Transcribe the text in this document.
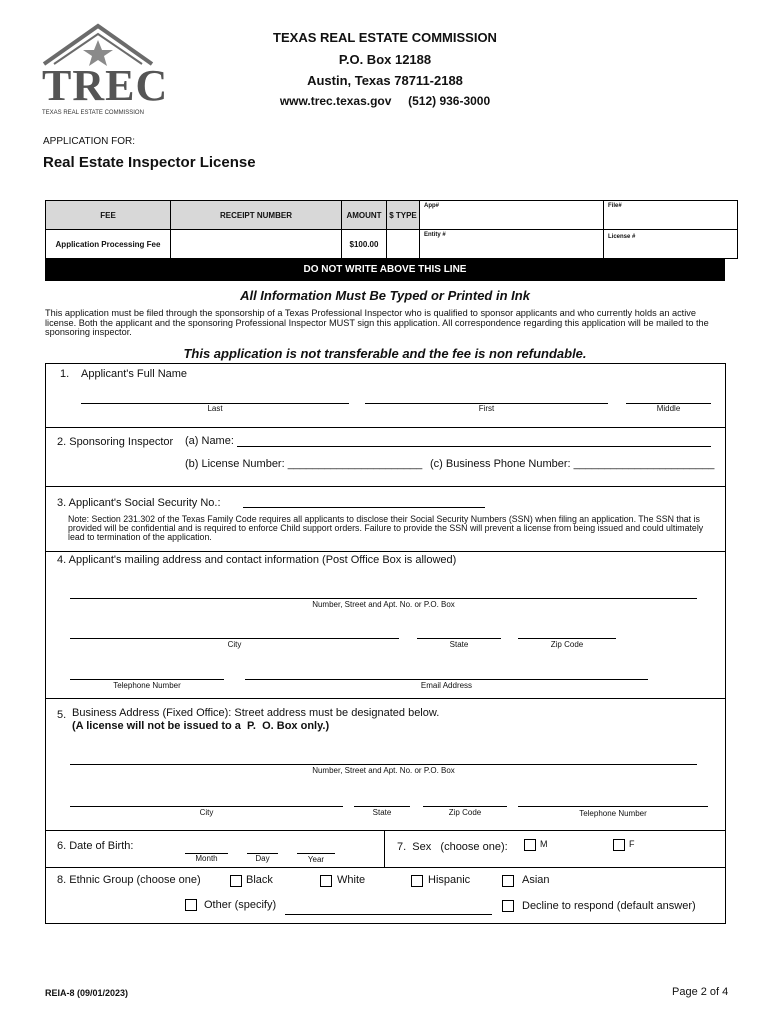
TREC
TEXAS REAL ESTATE COMMISSION
TEXAS REAL ESTATE COMMISSION
P.O. Box 12188
Austin, Texas 78711-2188
www.trec.texas.gov     (512) 936-3000
APPLICATION FOR:
Real Estate Inspector License
FEE	RECEIPT NUMBER	AMOUNT	$ TYPE	App#	File#
Application Processing Fee		$100.00		Entity #	License #
DO NOT WRITE ABOVE THIS LINE
All Information Must Be Typed or Printed in Ink
This application must be filed through the sponsorship of a Texas Professional Inspector who is qualified to sponsor applicants and who currently holds an active license. Both the applicant and the sponsoring Professional Inspector MUST sign this application. All correspondence regarding this application will be mailed to the sponsoring inspector.
This application is not transferable and the fee is non refundable.
1. Applicant's Full Name
Last	First	Middle
2. Sponsoring Inspector (a) Name:
(b) License Number: ______________________ (c) Business Phone Number: _______________________
3. Applicant's Social Security No.:
Note: Section 231.302 of the Texas Family Code requires all applicants to disclose their Social Security Numbers (SSN) when filing an application. The SSN that is provided will be confidential and is required to enforce Child support orders. Failure to provide the SSN will prevent a license from being issued and could ultimately lead to termination of the application.
4. Applicant's mailing address and contact information (Post Office Box is allowed)
Number, Street and Apt. No. or P.O. Box
City	State	Zip Code
Telephone Number	Email Address
5. Business Address (Fixed Office): Street address must be designated below.
(A license will not be issued to a  P.  O. Box only.)
Number, Street and Apt. No. or P.O. Box
City	State	Zip Code	Telephone Number
6. Date of Birth:
Month	Day	Year
7.  Sex   (choose one):	M	F
8. Ethnic Group (choose one)	Black	White	Hispanic	Asian
Other (specify)	Decline to respond (default answer)
REIA-8 (09/01/2023)	Page 2 of 4
